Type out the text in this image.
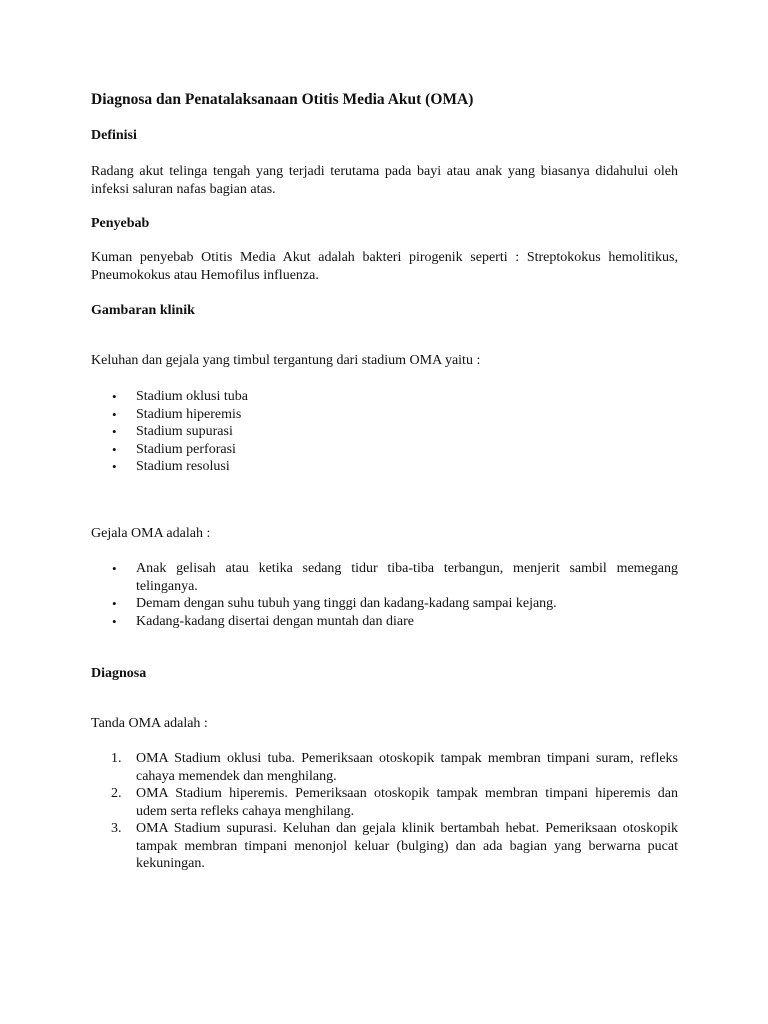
Diagnosa dan Penatalaksanaan Otitis Media Akut (OMA)
Definisi
Radang akut telinga tengah yang terjadi terutama pada bayi atau anak yang biasanya didahului oleh infeksi saluran nafas bagian atas.
Penyebab
Kuman penyebab Otitis Media Akut adalah bakteri pirogenik seperti : Streptokokus hemolitikus, Pneumokokus atau Hemofilus influenza.
Gambaran klinik
Keluhan dan gejala yang timbul tergantung dari stadium OMA yaitu :
• Stadium oklusi tuba
• Stadium hiperemis
• Stadium supurasi
• Stadium perforasi
• Stadium resolusi
Gejala OMA adalah :
• Anak gelisah atau ketika sedang tidur tiba-tiba terbangun, menjerit sambil memegang telinganya.
• Demam dengan suhu tubuh yang tinggi dan kadang-kadang sampai kejang.
• Kadang-kadang disertai dengan muntah dan diare
Diagnosa
Tanda OMA adalah :
1. OMA Stadium oklusi tuba. Pemeriksaan otoskopik tampak membran timpani suram, refleks cahaya memendek dan menghilang.
2. OMA Stadium hiperemis. Pemeriksaan otoskopik tampak membran timpani hiperemis dan udem serta refleks cahaya menghilang.
3. OMA Stadium supurasi. Keluhan dan gejala klinik bertambah hebat. Pemeriksaan otoskopik tampak membran timpani menonjol keluar (bulging) dan ada bagian yang berwarna pucat kekuningan.
